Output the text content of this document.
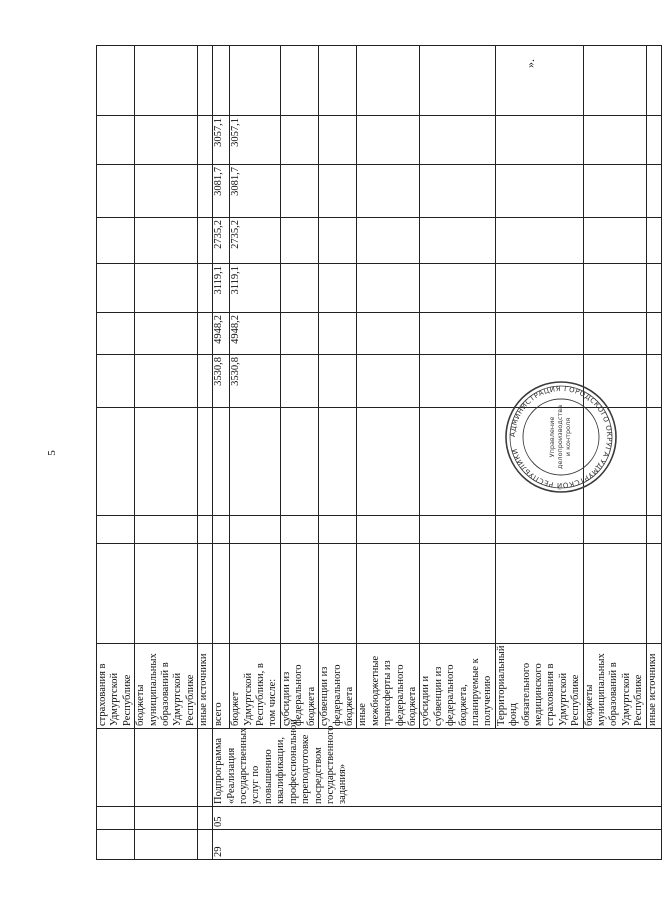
5
			страхования в Удмуртской Республике										
			бюджеты муниципальных образований в Удмуртской Республике										
			иные источники										
29	05	Подпрограмма «Реализация государственных услуг по повышению квалификации, профессиональной переподготовке посредством государственного задания»	всего				3530,8	4948,2	3119,1	2735,2	3081,7	3057,1	
			бюджет Удмуртской Республики, в том числе:				3530,8	4948,2	3119,1	2735,2	3081,7	3057,1	
			субсидии из федерального бюджета										
			субвенции из федерального бюджета										
			иные межбюджетные трансферты из федерального бюджета										
			субсидии и субвенции из федерального бюджета, планируемые к получению										
			Территориальный фонд обязательного медицинского страхования в Удмуртской Республике										
			бюджеты муниципальных образований в Удмуртской Республике										
			иные источники										
».
АДМИНИСТРАЦИЯ ГОРОДСКОГО ОКРУГА УДМУРТСКОЙ РЕСПУБЛИКИ	Управление делопроизводства и контроля
